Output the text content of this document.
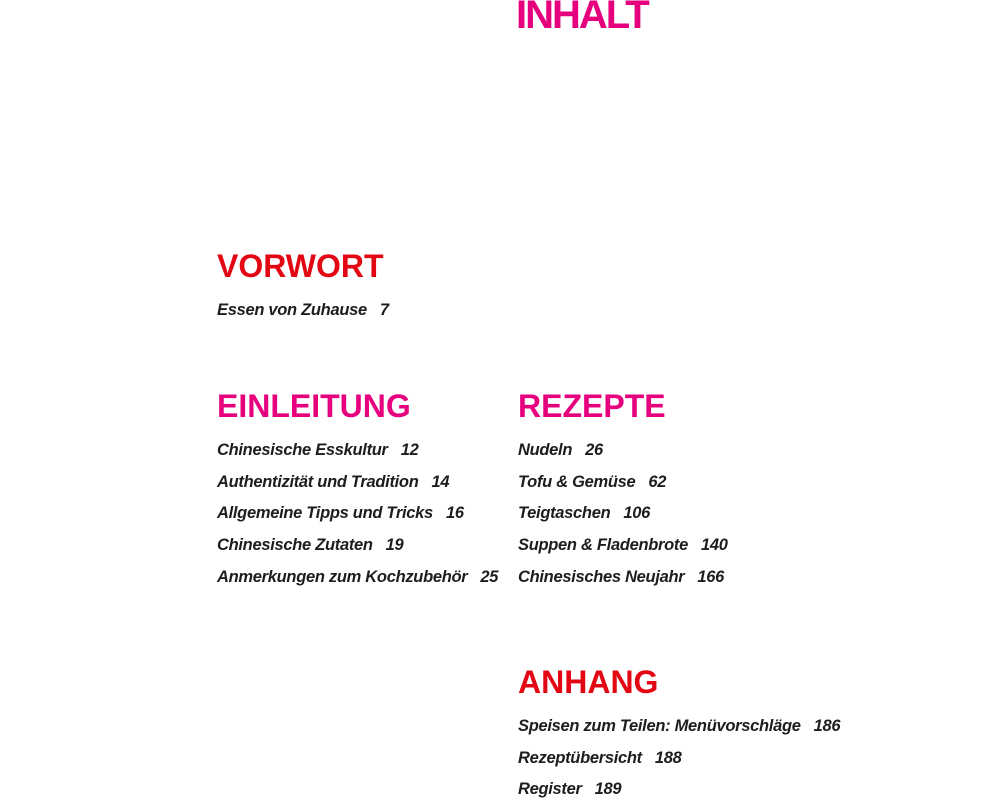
INHALT
VORWORT

Essen von Zuhause 7

EINLEITUNG

Chinesische Esskultur 12

Authentizität und Tradition 14

Allgemeine Tipps und Tricks 16

Chinesische Zutaten 19

Anmerkungen zum Kochzubehör 25

REZEPTE

Nudeln 26

Tofu & Gemüse 62

Teigtaschen 106

Suppen & Fladenbrote 140

Chinesisches Neujahr 166

ANHANG

Speisen zum Teilen: Menüvorschläge 186

Rezeptübersicht 188

Register 189
